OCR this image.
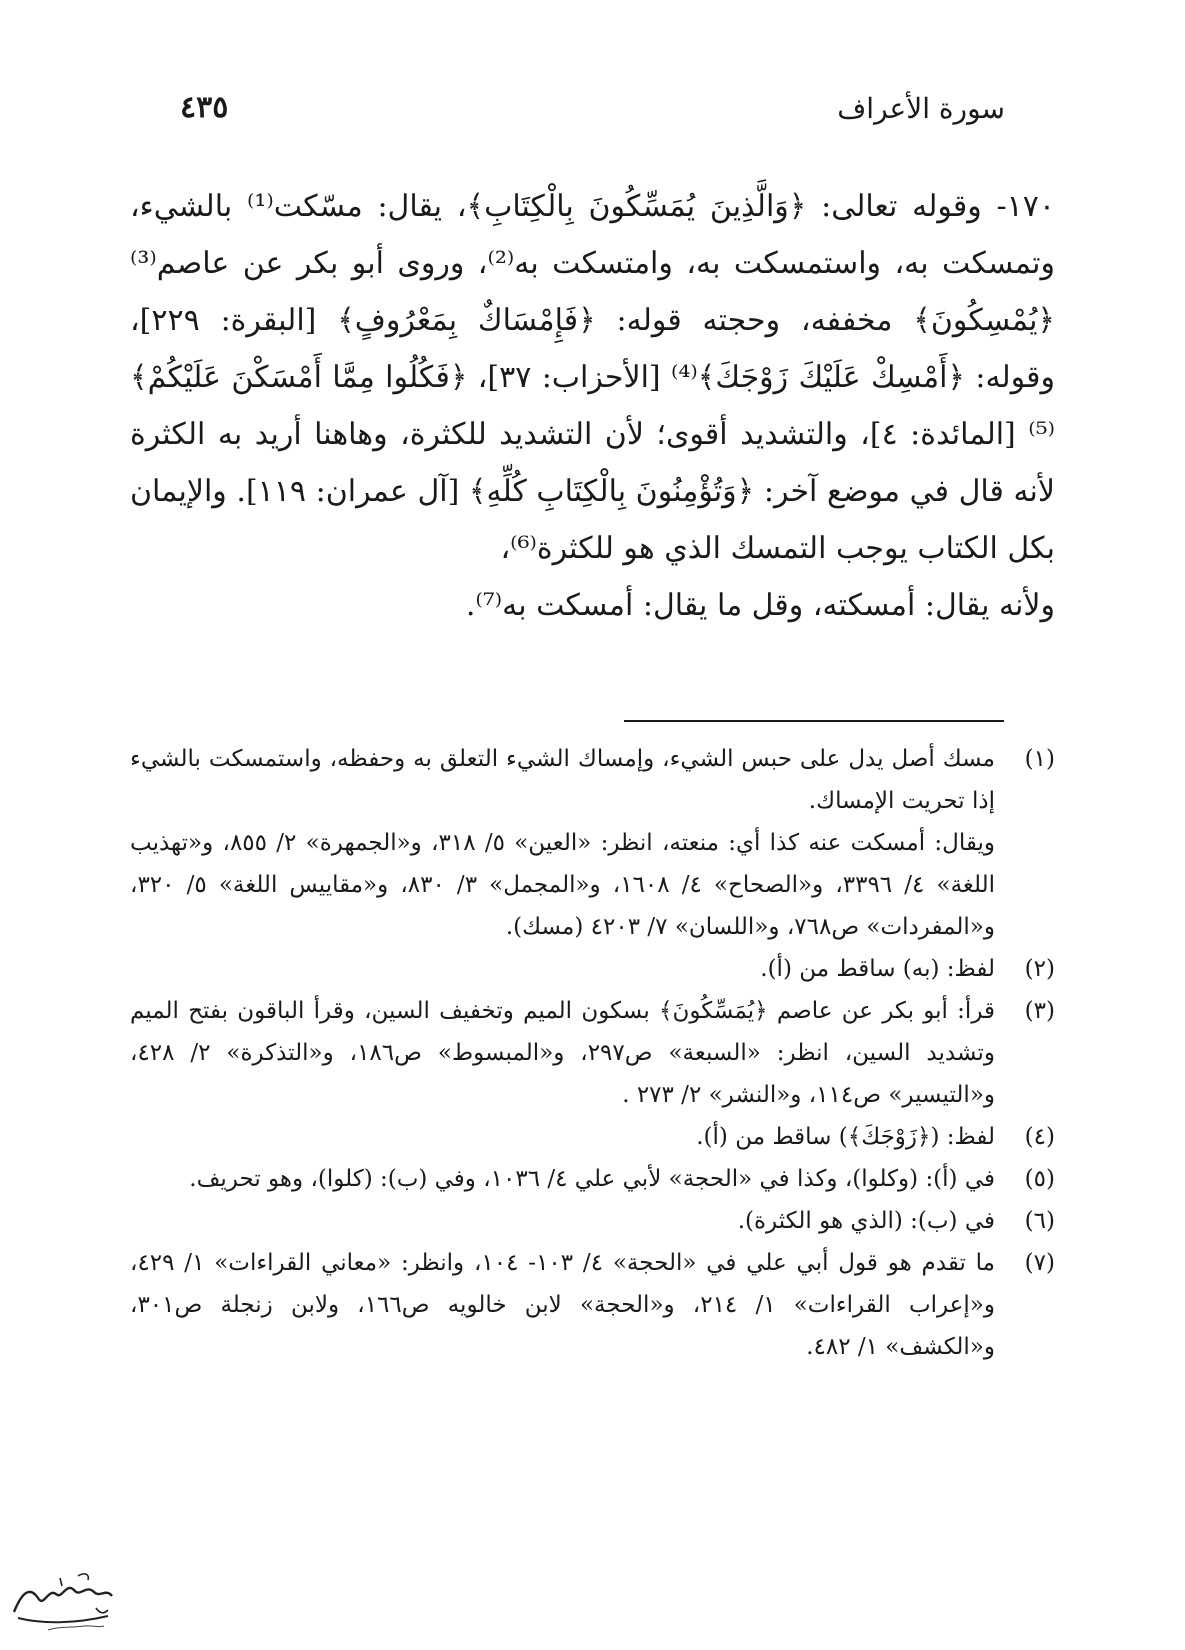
سورة الأعراف
٤٣٥

١٧٠- وقوله تعالى: ﴿وَالَّذِينَ يُمَسِّكُونَ بِالْكِتَابِ﴾، يقال: مسّكت⁽¹⁾ بالشيء، وتمسكت به، واستمسكت به، وامتسكت به⁽²⁾، وروى أبو بكر عن عاصم⁽³⁾ ﴿يُمْسِكُونَ﴾ مخففه، وحجته قوله: ﴿فَإِمْسَاكٌ بِمَعْرُوفٍ﴾ [البقرة: ٢٢٩]، وقوله: ﴿أَمْسِكْ عَلَيْكَ زَوْجَكَ﴾⁽⁴⁾ [الأحزاب: ٣٧]، ﴿فَكُلُوا مِمَّا أَمْسَكْنَ عَلَيْكُمْ﴾⁽⁵⁾ [المائدة: ٤]، والتشديد أقوى؛ لأن التشديد للكثرة، وهاهنا أريد به الكثرة لأنه قال في موضع آخر: ﴿وَتُؤْمِنُونَ بِالْكِتَابِ كُلِّهِ﴾ [آل عمران: ١١٩]. والإيمان بكل الكتاب يوجب التمسك الذي هو للكثرة⁽⁶⁾،

ولأنه يقال: أمسكته، وقل ما يقال: أمسكت به⁽⁷⁾.

(١)
مسك أصل يدل على حبس الشيء، وإمساك الشيء التعلق به وحفظه، واستمسكت بالشيء إذا تحريت الإمساك.
ويقال: أمسكت عنه كذا أي: منعته، انظر: «العين» ٥/ ٣١٨، و«الجمهرة» ٢/ ٨٥٥، و«تهذيب اللغة» ٤/ ٣٣٩٦، و«الصحاح» ٤/ ١٦٠٨، و«المجمل» ٣/ ٨٣٠، و«مقاييس اللغة» ٥/ ٣٢٠، و«المفردات» ص٧٦٨، و«اللسان» ٧/ ٤٢٠٣ (مسك).
(٢)
لفظ: (به) ساقط من (أ).
(٣)
قرأ: أبو بكر عن عاصم ﴿يُمَسِّكُونَ﴾ بسكون الميم وتخفيف السين، وقرأ الباقون بفتح الميم وتشديد السين، انظر: «السبعة» ص٢٩٧، و«المبسوط» ص١٨٦، و«التذكرة» ٢/ ٤٢٨، و«التيسير» ص١١٤، و«النشر» ٢/ ٢٧٣ .
(٤)
لفظ: (﴿زَوْجَكَ﴾) ساقط من (أ).
(٥)
في (أ): (وكلوا)، وكذا في «الحجة» لأبي علي ٤/ ١٠٣٦، وفي (ب): (كلوا)، وهو تحريف.
(٦)
في (ب): (الذي هو الكثرة).
(٧)
ما تقدم هو قول أبي علي في «الحجة» ٤/ ١٠٣- ١٠٤، وانظر: «معاني القراءات» ١/ ٤٢٩، و«إعراب القراءات» ١/ ٢١٤، و«الحجة» لابن خالويه ص١٦٦، ولابن زنجلة ص٣٠١، و«الكشف» ١/ ٤٨٢.
